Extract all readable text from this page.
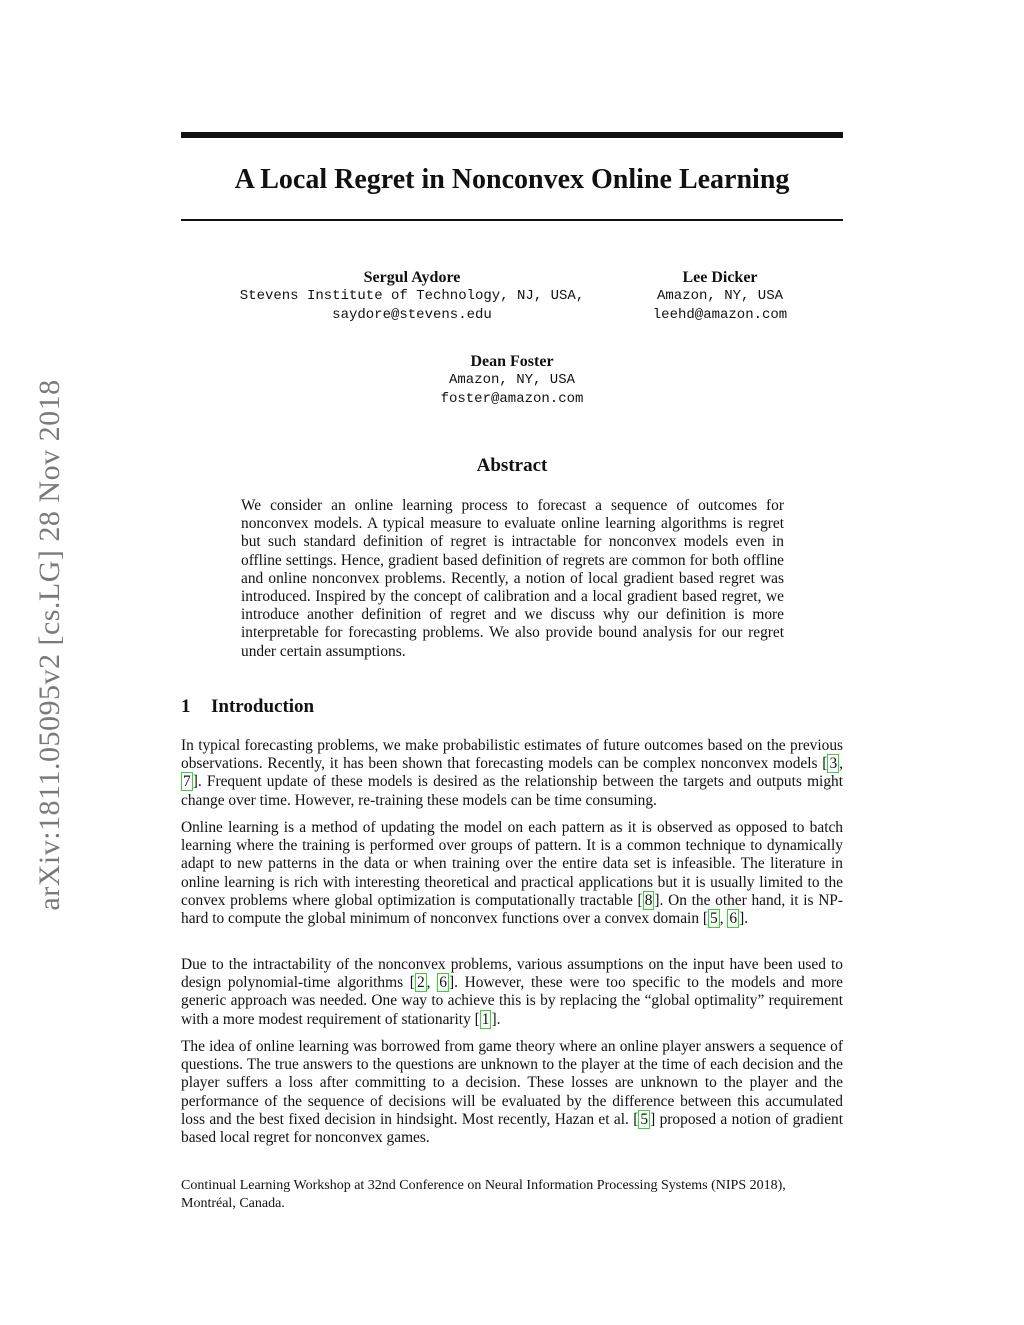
arXiv:1811.05095v2 [cs.LG] 28 Nov 2018
A Local Regret in Nonconvex Online Learning
Sergul Aydore
Stevens Institute of Technology, NJ, USA,
saydore@stevens.edu
Lee Dicker
Amazon, NY, USA
leehd@amazon.com
Dean Foster
Amazon, NY, USA
foster@amazon.com
Abstract
We consider an online learning process to forecast a sequence of outcomes for nonconvex models. A typical measure to evaluate online learning algorithms is regret but such standard definition of regret is intractable for nonconvex models even in offline settings. Hence, gradient based definition of regrets are common for both offline and online nonconvex problems. Recently, a notion of local gradient based regret was introduced. Inspired by the concept of calibration and a local gradient based regret, we introduce another definition of regret and we discuss why our definition is more interpretable for forecasting problems. We also provide bound analysis for our regret under certain assumptions.
1 Introduction

In typical forecasting problems, we make probabilistic estimates of future outcomes based on the previous observations. Recently, it has been shown that forecasting models can be complex nonconvex models [ 3 , 7 ]. Frequent update of these models is desired as the relationship between the targets and outputs might change over time. However, re-training these models can be time consuming.

Online learning is a method of updating the model on each pattern as it is observed as opposed to batch learning where the training is performed over groups of pattern. It is a common technique to dynamically adapt to new patterns in the data or when training over the entire data set is infeasible. The literature in online learning is rich with interesting theoretical and practical applications but it is usually limited to the convex problems where global optimization is computationally tractable [ 8 ]. On the other hand, it is NP-hard to compute the global minimum of nonconvex functions over a convex domain [ 5 , 6 ].

Due to the intractability of the nonconvex problems, various assumptions on the input have been used to design polynomial-time algorithms [ 2 , 6 ]. However, these were too specific to the models and more generic approach was needed. One way to achieve this is by replacing the “global optimality” requirement with a more modest requirement of stationarity [ 1 ].

The idea of online learning was borrowed from game theory where an online player answers a sequence of questions. The true answers to the questions are unknown to the player at the time of each decision and the player suffers a loss after committing to a decision. These losses are unknown to the player and the performance of the sequence of decisions will be evaluated by the difference between this accumulated loss and the best fixed decision in hindsight. Most recently, Hazan et al. [ 5 ] proposed a notion of gradient based local regret for nonconvex games.

Continual Learning Workshop at 32nd Conference on Neural Information Processing Systems (NIPS 2018),
Montréal, Canada.
